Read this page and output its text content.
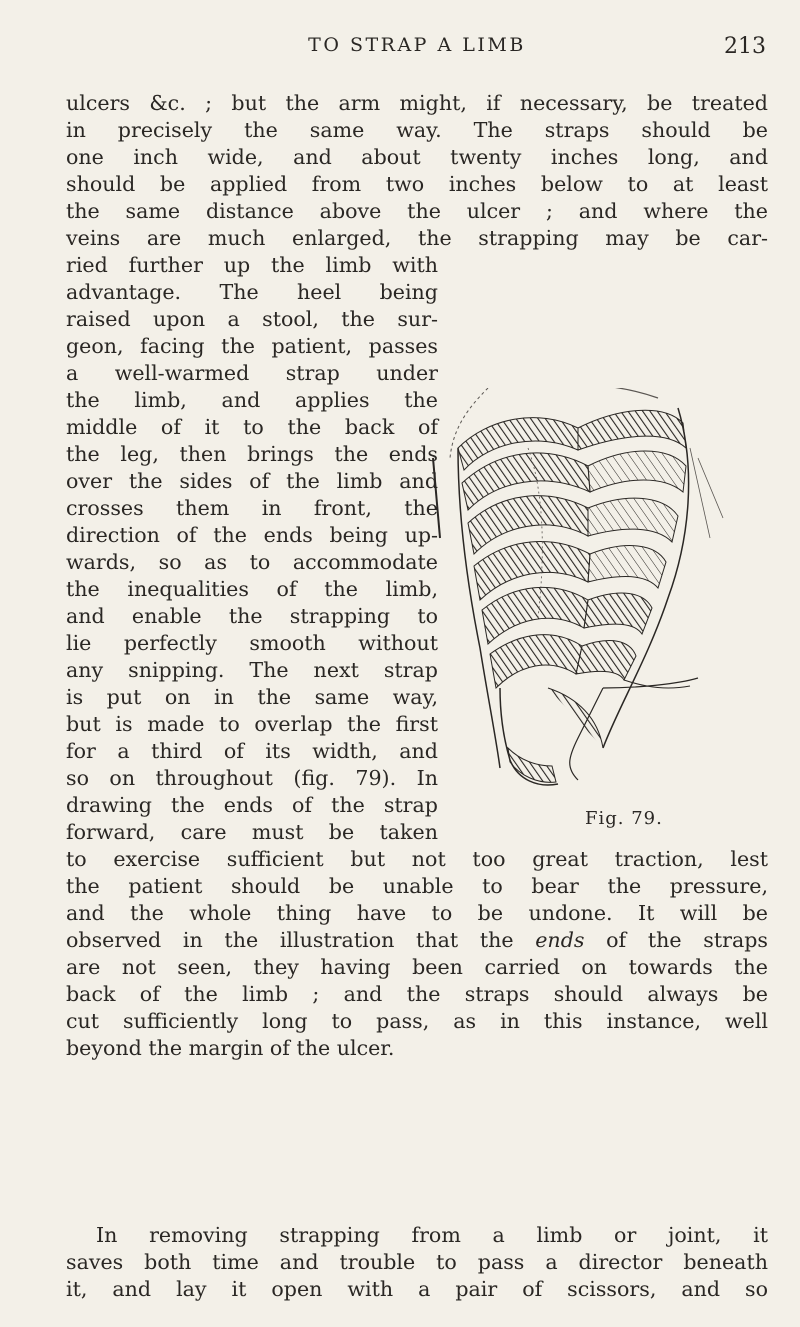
TO STRAP A LIMB	213
ulcers &c. ; but the arm might, if necessary, be treated
in precisely the same way. The straps should be
one inch wide, and about twenty inches long, and
should be applied from two inches below to at least
the same distance above the ulcer ; and where the
veins are much enlarged, the strapping may be car-
ried further up the limb with
advantage. The heel being
raised upon a stool, the sur-
geon, facing the patient, passes
a well-warmed strap under
the limb, and applies the
middle of it to the back of
the leg, then brings the ends
over the sides of the limb and
crosses them in front, the
direction of the ends being up-
wards, so as to accommodate
the inequalities of the limb,
and enable the strapping to
lie perfectly smooth without
any snipping. The next strap
is put on in the same way,
but is made to overlap the first
for a third of its width, and
so on throughout (fig. 79). In
drawing the ends of the strap
forward, care must be taken
Fig. 79.
to exercise sufficient but not too great traction, lest
the patient should be unable to bear the pressure,
and the whole thing have to be undone. It will be
observed in the illustration that the ends of the straps
are not seen, they having been carried on towards the
back of the limb ; and the straps should always be
cut sufficiently long to pass, as in this instance, well
beyond the margin of the ulcer.
In removing strapping from a limb or joint, it
saves both time and trouble to pass a director beneath
it, and lay it open with a pair of scissors, and so
